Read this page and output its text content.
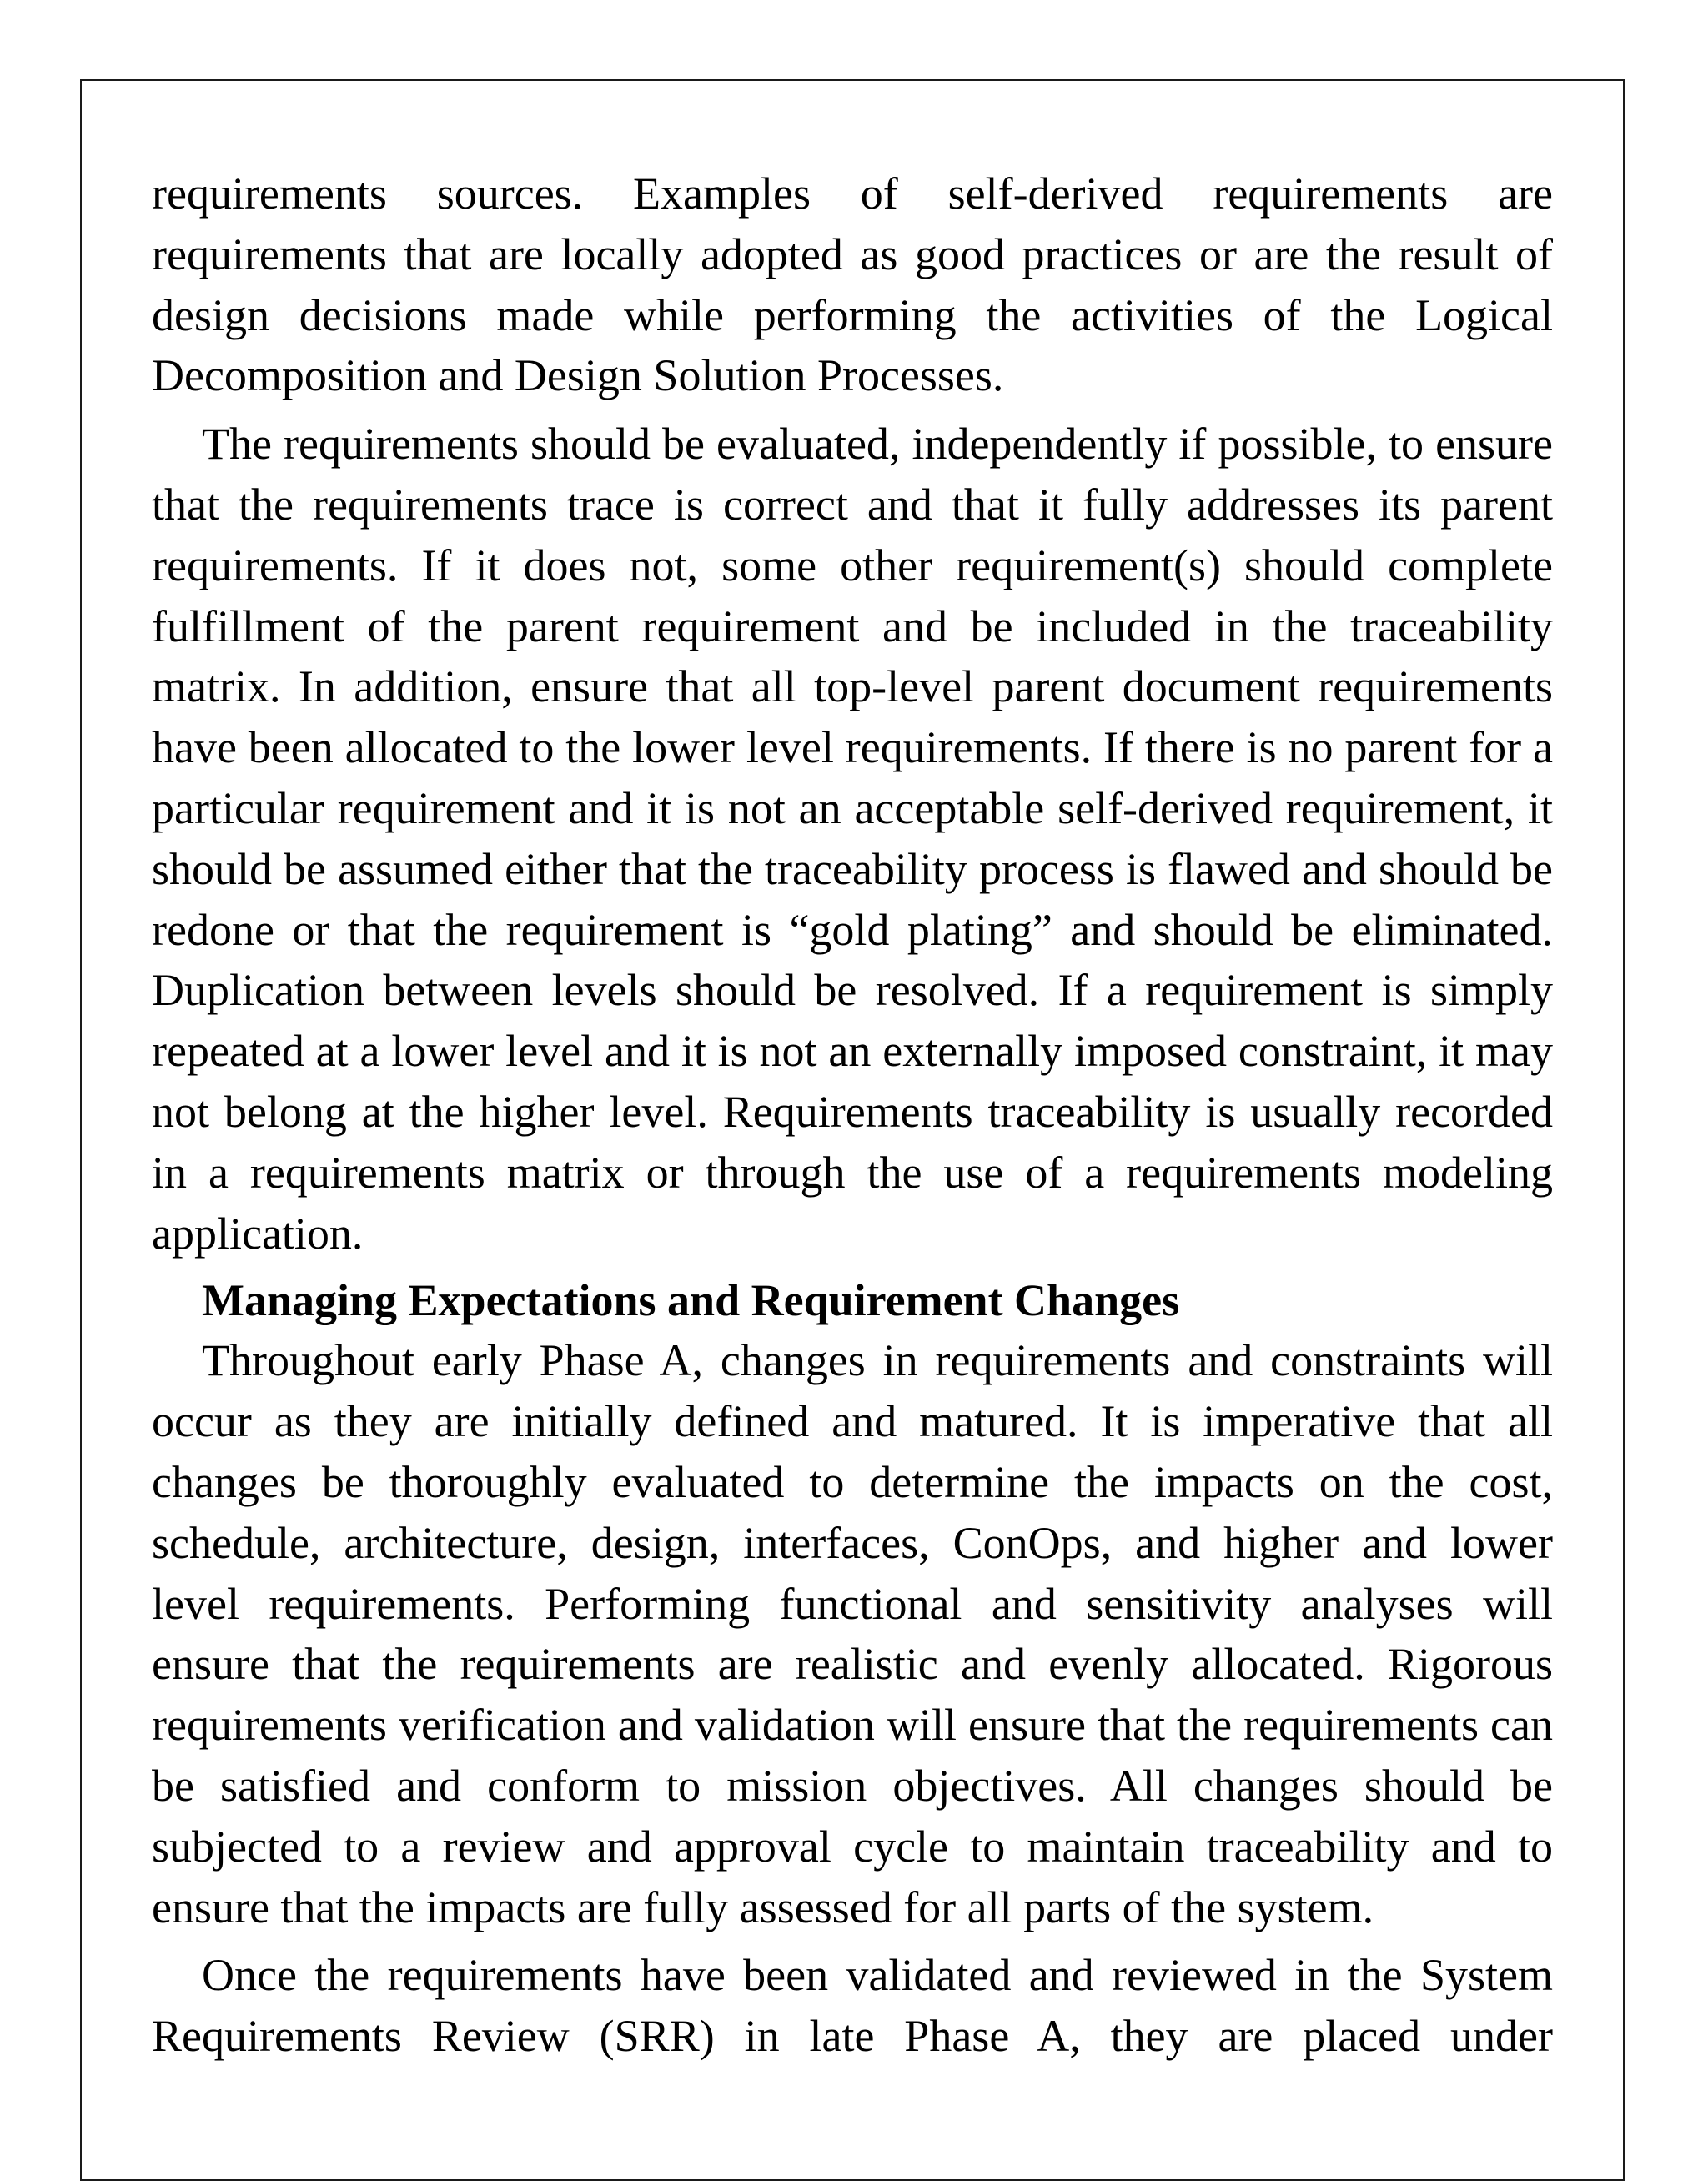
requirements sources. Examples of self-derived requirements are requirements that are locally adopted as good practices or are the result of design decisions made while performing the activities of the Logical Decomposition and Design Solution Processes.

The requirements should be evaluated, independently if possible, to ensure that the requirements trace is correct and that it fully addresses its parent requirements. If it does not, some other requirement(s) should complete fulfillment of the parent requirement and be included in the traceability matrix. In addition, ensure that all top-level parent document requirements have been allocated to the lower level requirements. If there is no parent for a particular requirement and it is not an acceptable self-derived requirement, it should be assumed either that the traceability process is flawed and should be redone or that the requirement is “gold plating” and should be eliminated. Duplication between levels should be resolved. If a requirement is simply repeated at a lower level and it is not an externally imposed constraint, it may not belong at the higher level. Requirements traceability is usually recorded in a requirements matrix or through the use of a requirements modeling application.

Managing Expectations and Requirement Changes

Throughout early Phase A, changes in requirements and constraints will occur as they are initially defined and matured. It is imperative that all changes be thoroughly evaluated to determine the impacts on the cost, schedule, architecture, design, interfaces, ConOps, and higher and lower level requirements. Performing functional and sensitivity analyses will ensure that the requirements are realistic and evenly allocated. Rigorous requirements verification and validation will ensure that the requirements can be satisfied and conform to mission objectives. All changes should be subjected to a review and approval cycle to maintain traceability and to ensure that the impacts are fully assessed for all parts of the system.

Once the requirements have been validated and reviewed in the System Requirements Review (SRR) in late Phase A, they are placed under
